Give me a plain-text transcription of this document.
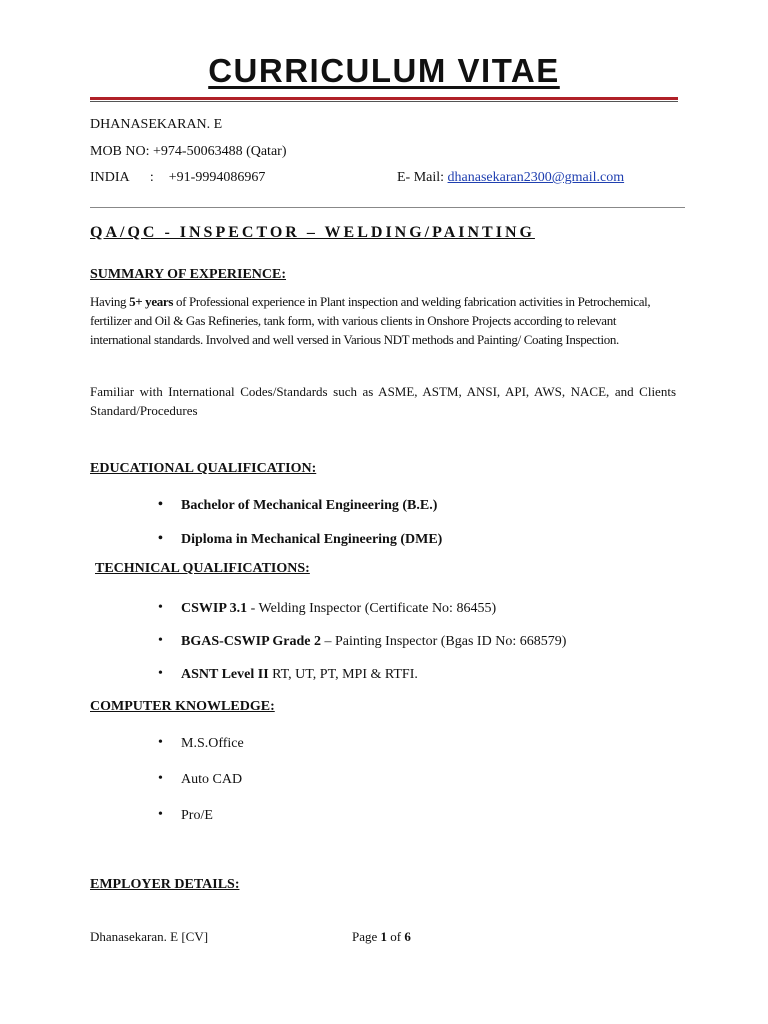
CURRICULUM VITAE
DHANASEKARAN. E
MOB NO: +974-50063488 (Qatar)
INDIA : +91-9994086967	E- Mail: dhanasekaran2300@gmail.com
QA/QC - INSPECTOR – WELDING/PAINTING
SUMMARY OF EXPERIENCE:
Having 5+ years of Professional experience in Plant inspection and welding fabrication activities in Petrochemical, fertilizer and Oil & Gas Refineries, tank form, with various clients in Onshore Projects according to relevant international standards. Involved and well versed in Various NDT methods and Painting/ Coating Inspection.
Familiar with International Codes/Standards such as ASME, ASTM, ANSI, API, AWS, NACE, and Clients Standard/Procedures
EDUCATIONAL QUALIFICATION:
• Bachelor of Mechanical Engineering (B.E.)
• Diploma in Mechanical Engineering (DME)
TECHNICAL QUALIFICATIONS:
• CSWIP 3.1 - Welding Inspector (Certificate No: 86455)
• BGAS-CSWIP Grade 2 – Painting Inspector (Bgas ID No: 668579)
• ASNT Level II RT, UT, PT, MPI & RTFI.
COMPUTER KNOWLEDGE:
• M.S.Office
• Auto CAD
• Pro/E
EMPLOYER DETAILS:
Dhanasekaran. E [CV]	Page 1 of 6
